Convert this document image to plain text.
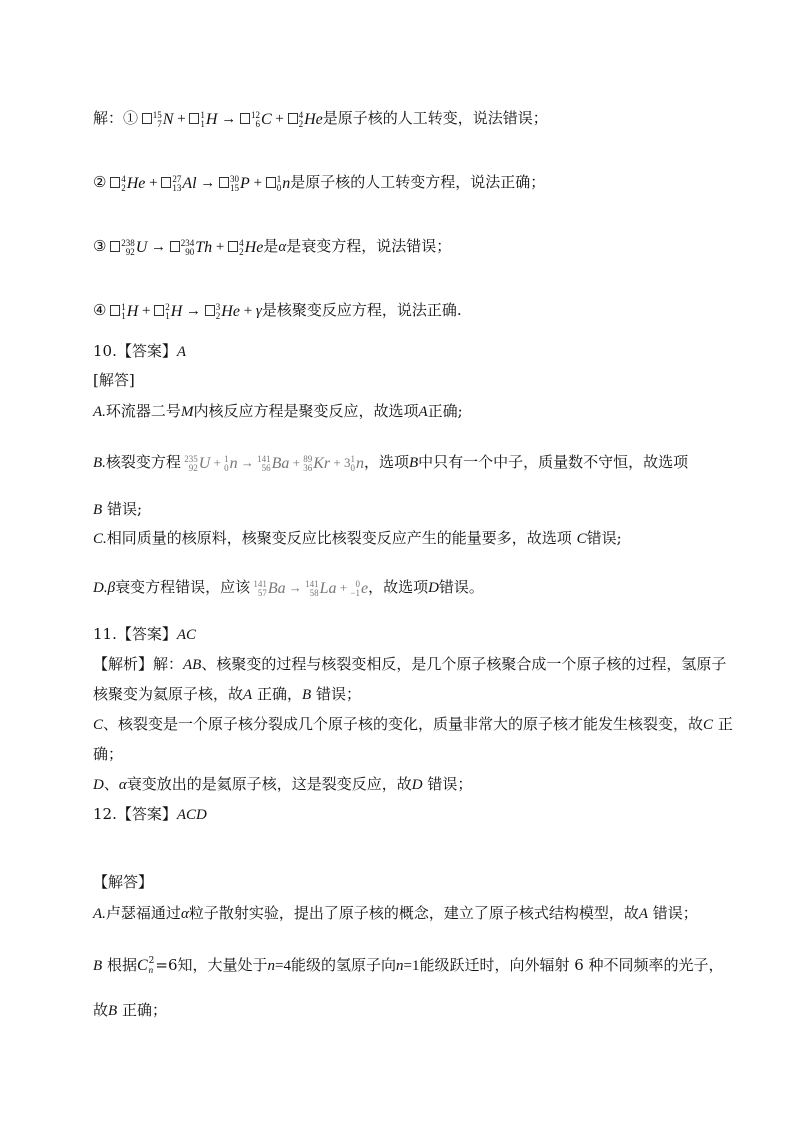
解：① 15
7 N + 1
1 H → 12
6 C + 4
2 He 是原子核的人工转变，说法错误；
② 4
2 He + 27
13 Al → 30
15 P + 1
0 n 是原子核的人工转变方程，说法正确；
③ 238
92 U → 234
90 Th + 4
2 He 是α是衰变方程，说法错误；
④ 1
1 H + 2
1 H → 3
2 He + γ是核聚变反应方程，说法正确.
10.【答案】A
[解答]
A.环流器二号M内核反应方程是聚变反应，故选项A正确;
B.核裂变方程 235
92 U + 1
0 n → 141
56 Ba + 89
36 Kr + 3 1
0 n ，选项B中只有一个中子，质量数不守恒，故选项
B 错误;
C.相同质量的核原料，核聚变反应比核裂变反应产生的能量要多，故选项 C错误;
D.β衰变方程错误，应该 141
57 Ba → 141
58 La + 0
−1 e ，故选项D错误。
11.【答案】AC
【解析】解：AB、核聚变的过程与核裂变相反，是几个原子核聚合成一个原子核的过程，氢原子
核聚变为氦原子核，故A 正确，B 错误；
C、核裂变是一个原子核分裂成几个原子核的变化，质量非常大的原子核才能发生核裂变，故C 正
确；
D、α衰变放出的是氦原子核，这是裂变反应，故D 错误；
12.【答案】ACD
【解答】
A.卢瑟福通过α粒子散射实验，提出了原子核的概念，建立了原子核式结构模型，故A 错误；
B 根据 C 2
n =6知，大量处于n=4能级的氢原子向n=1能级跃迁时，向外辐射 6 种不同频率的光子，
故B 正确；
